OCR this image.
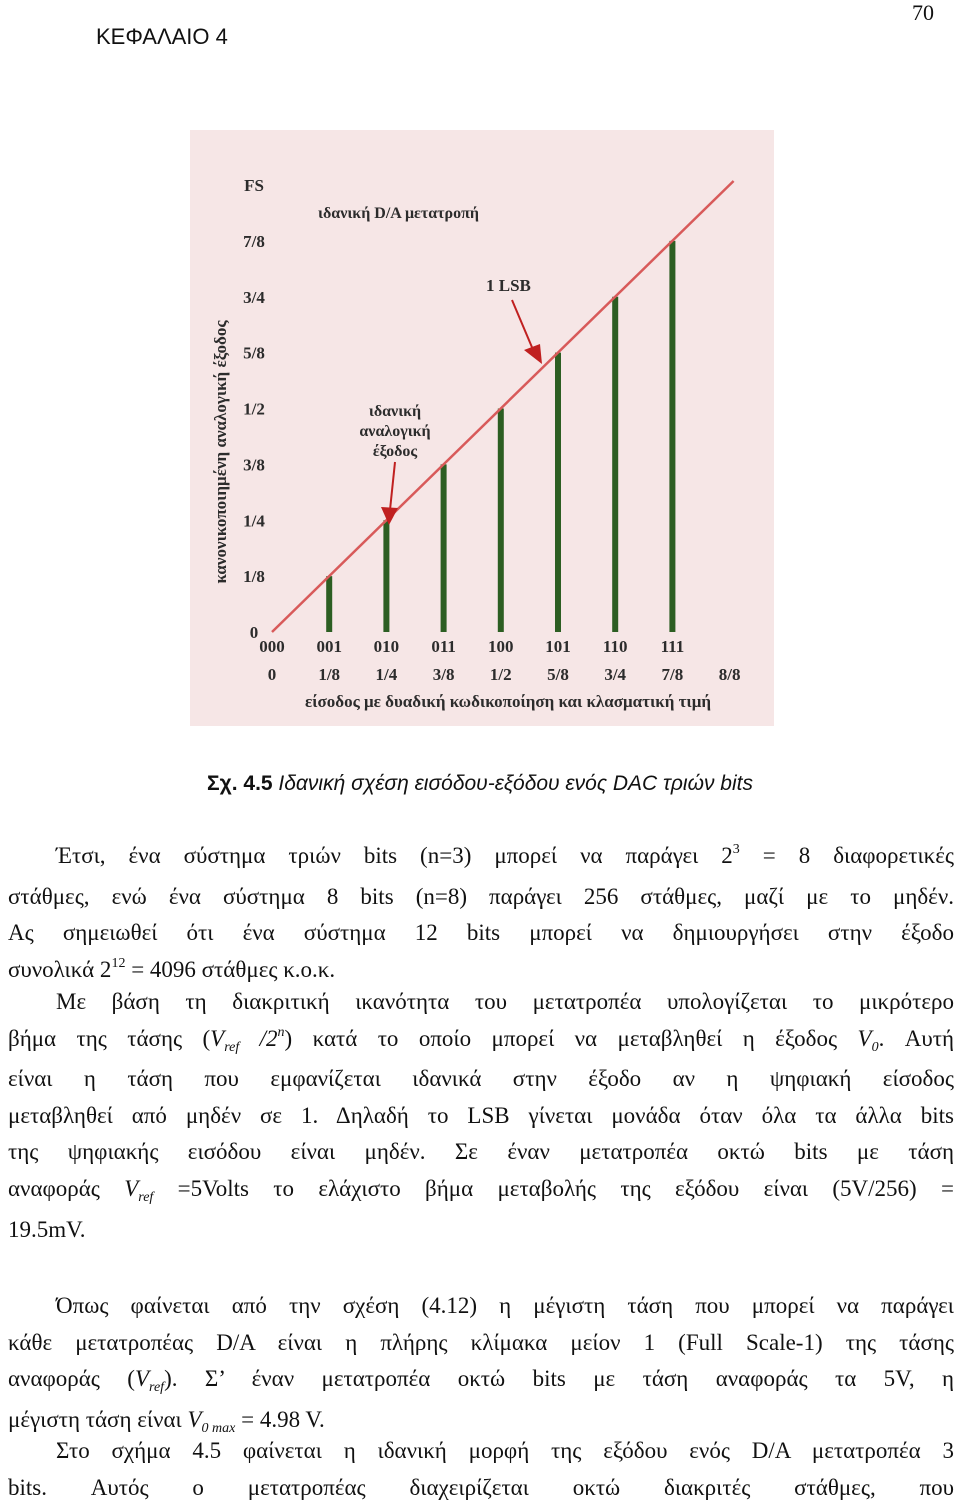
ΚΕΦΑΛΑΙΟ 4
70
FS
7/8
3/4
5/8
1/2
3/8
1/4
1/8
0
000 001 010 011 100 101 110 111
0 1/8 1/4 3/8 1/2 5/8 3/4 7/8 8/8
κανονικοποιημένη αναλογική έξοδος
είσοδος με δυαδική κωδικοποίηση και κλασματική τιμή
ιδανική D/A μετατροπή
1 LSB
ιδανική
αναλογική
έξοδος
Σχ. 4.5 Ιδανική σχέση εισόδου-εξόδου ενός DAC τριών bits
Έτσι, ένα σύστημα τριών bits (n=3) μπορεί να παράγει $2^3 = 8$ διαφορετικές
στάθμες, ενώ ένα σύστημα 8 bits (n=8) παράγει 256 στάθμες, μαζί με το μηδέν.
Ας σημειωθεί ότι ένα σύστημα 12 bits μπορεί να δημιουργήσει στην έξοδο
συνολικά $2^{12} = 4096$ στάθμες κ.ο.κ.
Με βάση τη διακριτική ικανότητα του μετατροπέα υπολογίζεται το μικρότερο
βήμα της τάσης ($V_{ref}$ /2$^n$) κατά το οποίο μπορεί να μεταβληθεί η έξοδος $V_0$. Αυτή
είναι η τάση που εμφανίζεται ιδανικά στην έξοδο αν η ψηφιακή είσοδος
μεταβληθεί από μηδέν σε 1. Δηλαδή το LSB γίνεται μονάδα όταν όλα τα άλλα bits
της ψηφιακής εισόδου είναι μηδέν. Σε έναν μετατροπέα οκτώ bits με τάση
αναφοράς $V_{ref}$ =5Volts το ελάχιστο βήμα μεταβολής της εξόδου είναι (5V/256) =
19.5mV.
Όπως φαίνεται από την σχέση (4.12) η μέγιστη τάση που μπορεί να παράγει
κάθε μετατροπέας D/A είναι η πλήρης κλίμακα μείον 1 (Full Scale-1) της τάσης
αναφοράς $(V_{ref})$. Σ’ έναν μετατροπέα οκτώ bits με τάση αναφοράς τα 5V, η
μέγιστη τάση είναι $V_{0 max} = 4.98$ V.
Στο σχήμα 4.5 φαίνεται η ιδανική μορφή της εξόδου ενός D/A μετατροπέα 3
bits. Αυτός ο μετατροπέας διαχειρίζεται οκτώ διακριτές στάθμες, που
